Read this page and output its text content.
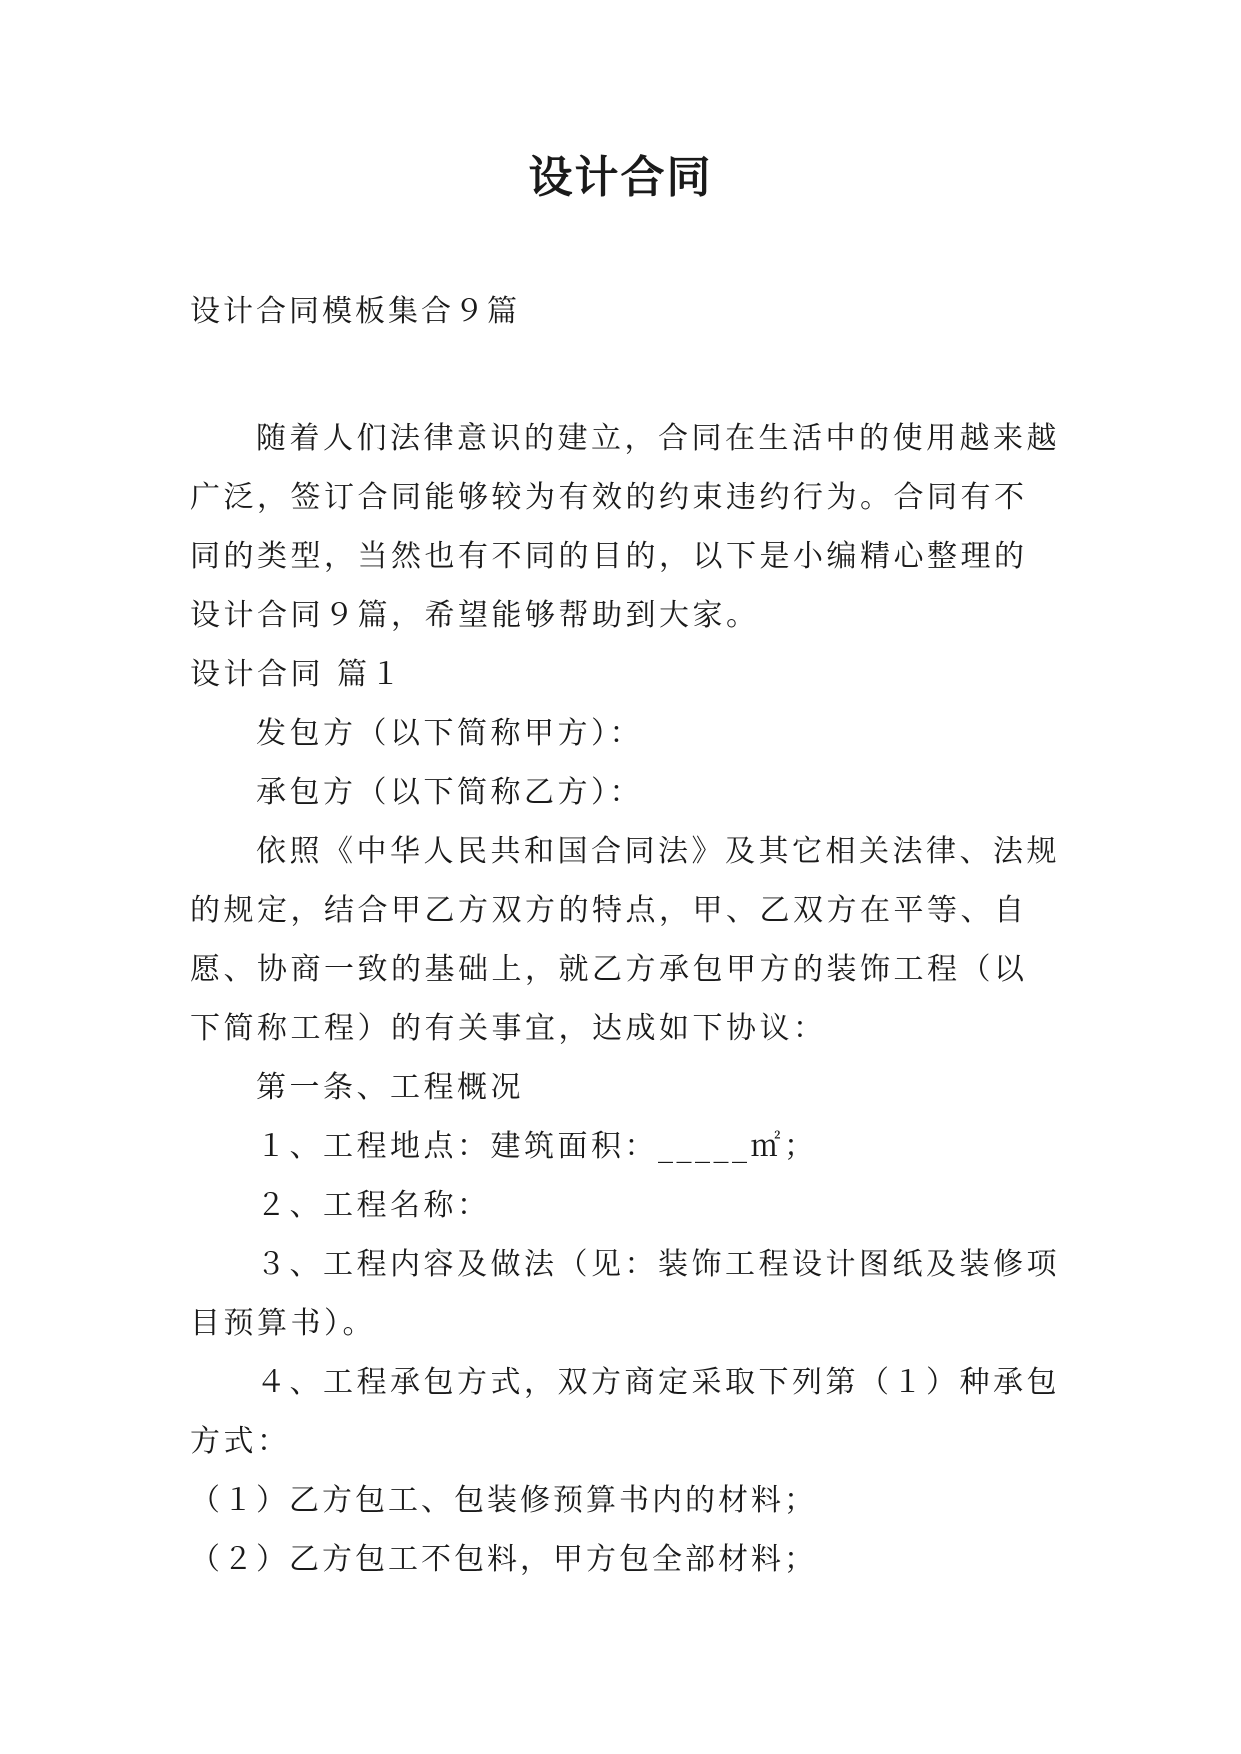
设计合同
设计合同模板集合９篇

随着人们法律意识的建立，合同在生活中的使用越来越广泛，签订合同能够较为有效的约束违约行为。合同有不同的类型，当然也有不同的目的，以下是小编精心整理的设计合同９篇，希望能够帮助到大家。

设计合同 篇１

发包方（以下简称甲方）：

承包方（以下简称乙方）：

依照《中华人民共和国合同法》及其它相关法律、法规的规定，结合甲乙方双方的特点，甲、乙双方在平等、自愿、协商一致的基础上，就乙方承包甲方的装饰工程（以下简称工程）的有关事宜，达成如下协议：

第一条、工程概况

１、工程地点：建筑面积：_____㎡；

２、工程名称：

３、工程内容及做法（见：装饰工程设计图纸及装修项目预算书）。

４、工程承包方式，双方商定采取下列第（１）种承包方式：

（１）乙方包工、包装修预算书内的材料；

（２）乙方包工不包料，甲方包全部材料；
